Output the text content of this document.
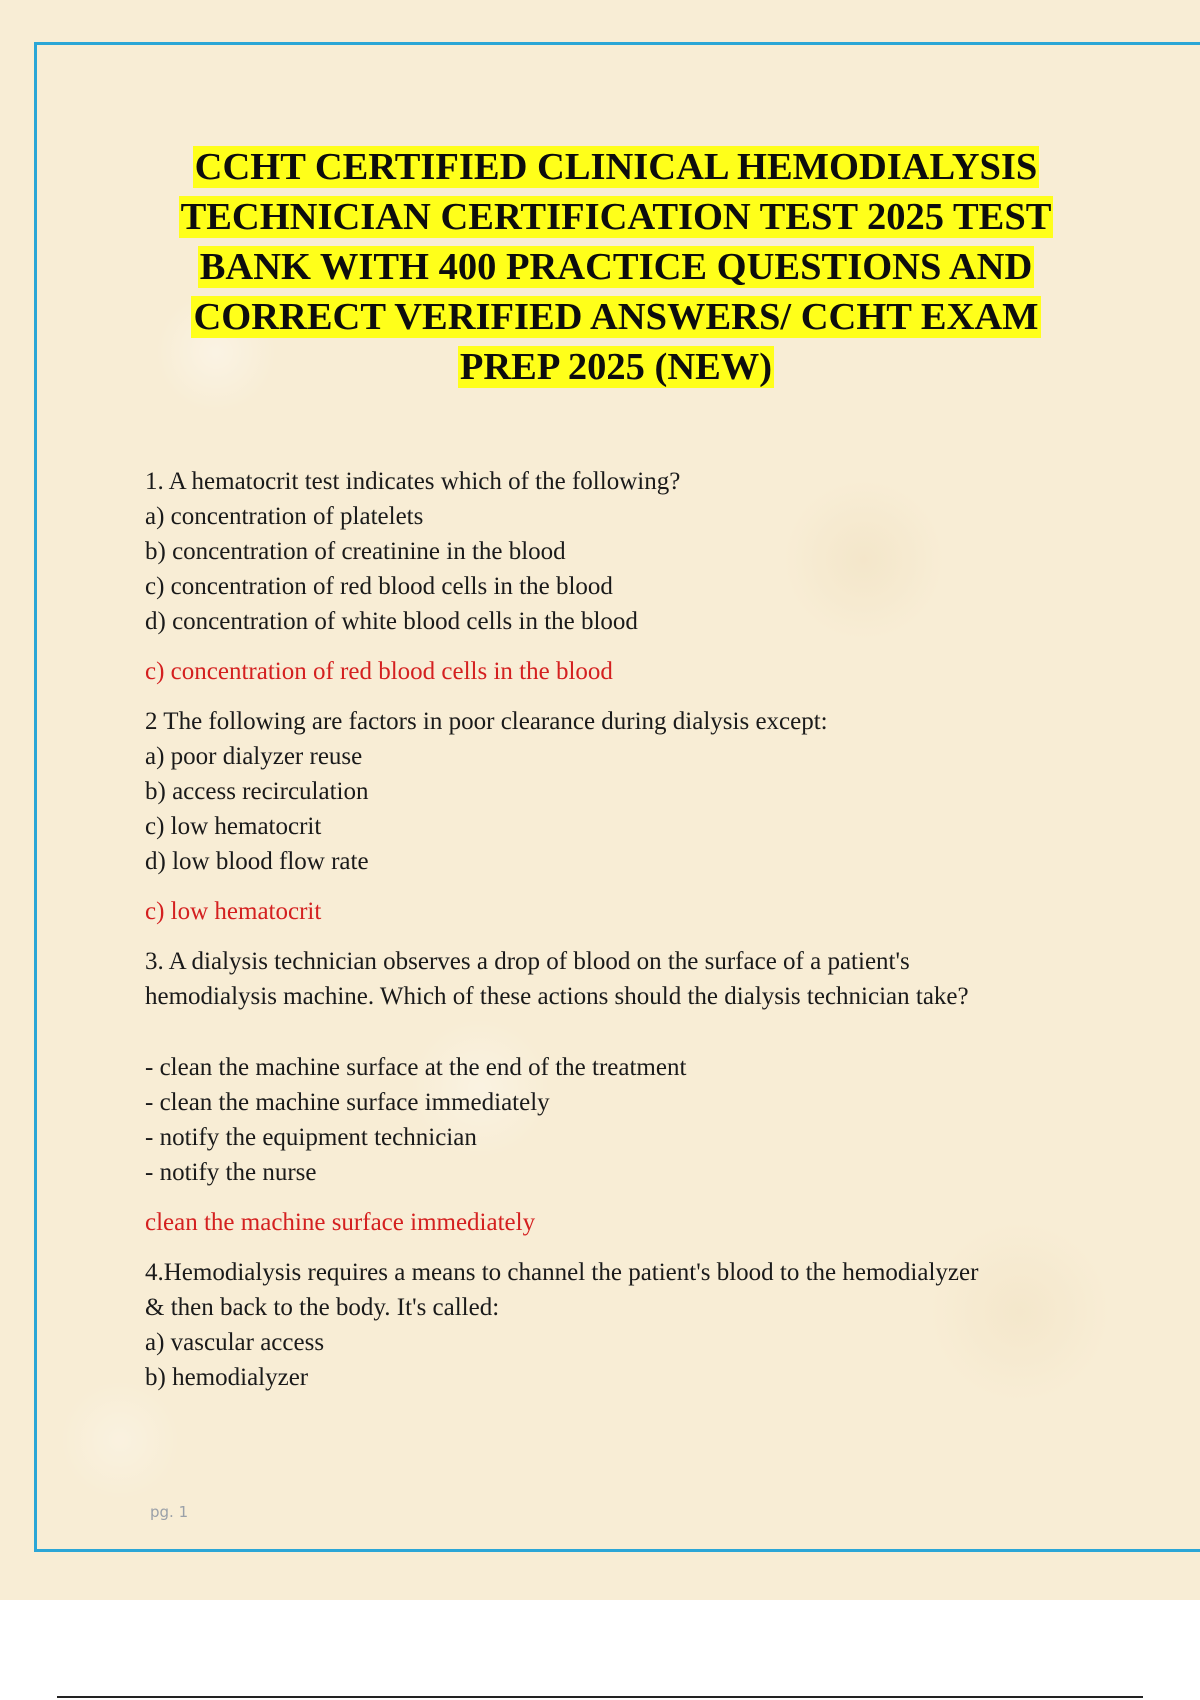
CCHT CERTIFIED CLINICAL HEMODIALYSIS
TECHNICIAN CERTIFICATION TEST 2025 TEST
BANK WITH 400 PRACTICE QUESTIONS AND
CORRECT VERIFIED ANSWERS/ CCHT EXAM
PREP 2025 (NEW)
1. A hematocrit test indicates which of the following?
a) concentration of platelets
b) concentration of creatinine in the blood
c) concentration of red blood cells in the blood
d) concentration of white blood cells in the blood
c) concentration of red blood cells in the blood
2 The following are factors in poor clearance during dialysis except:
a) poor dialyzer reuse
b) access recirculation
c) low hematocrit
d) low blood flow rate
c) low hematocrit
3. A dialysis technician observes a drop of blood on the surface of a patient's
hemodialysis machine. Which of these actions should the dialysis technician take?
- clean the machine surface at the end of the treatment
- clean the machine surface immediately
- notify the equipment technician
- notify the nurse
clean the machine surface immediately
4.Hemodialysis requires a means to channel the patient's blood to the hemodialyzer
& then back to the body. It's called:
a) vascular access
b) hemodialyzer
pg. 1
